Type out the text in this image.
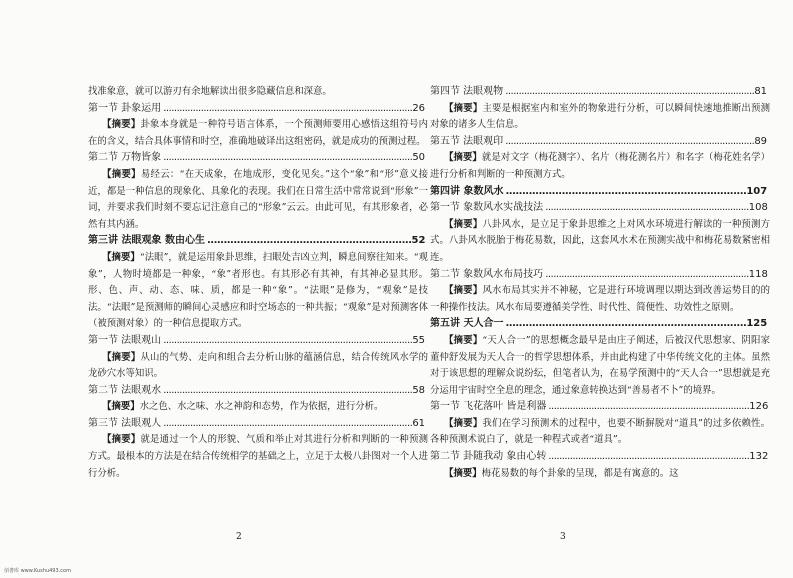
找准象意，就可以游刃有余地解读出很多隐藏信息和深意。

第一节 卦象运用 .............................................................................................26

【摘要】卦象本身就是一种符号语言体系，一个预测师要用心感悟这组符号内在的含义，结合具体事情和时空，准确地破译出这组密码，就是成功的预测过程。

第二节 万物皆象 .............................................................................................50

【摘要】易经云：“在天成象，在地成形，变化见矣。”这个“象”和“形”意义接近，都是一种信息的现象化、具象化的表现。我们在日常生活中常常说到“形象”一词，并要求我们时刻不要忘记注意自己的“形象”云云。由此可见，有其形象者，必然有其内涵。

第三讲 法眼观象 数由心生 ..............................................................52

【摘要】“法眼”，就是运用象卦思维，扫眼处吉凶立判，瞬息间察往知来。“观象”，人物时境都是一种象，“象”者形也。有其形必有其神，有其神必显其形。形、色、声、动、态、味、质，都是一种“象”。“法眼”是修为，“观象”是技法。“法眼”是预测师的瞬间心灵感应和时空场态的一种共振；“观象”是对预测客体（被预测对象）的一种信息提取方式。

第一节 法眼观山 .............................................................................................55

【摘要】从山的气势、走向和组合去分析山脉的蕴涵信息，结合传统风水学的龙砂穴水等知识。

第二节 法眼观水 .............................................................................................58

【摘要】水之色、水之味、水之神韵和态势，作为依据，进行分析。

第三节 法眼观人 .............................................................................................61

【摘要】就是通过一个人的形貌、气质和举止对其进行分析和判断的一种预测方式。最根本的方法是在结合传统相学的基础之上，立足于太极八卦图对一个人进行分析。

第四节 法眼观物 .............................................................................................81

【摘要】主要是根据室内和室外的物象进行分析，可以瞬间快速地推断出预测对象的诸多人生信息。

第五节 法眼观印 .............................................................................................89

【摘要】就是对文字（梅花测字）、名片（梅花测名片）和名字（梅花姓名学）进行分析和判断的一种预测方式。

第四讲 象数风水 .........................................................................107
第一节 象数风水实战技法 ............................................................................108

【摘要】八卦风水，是立足于象卦思维之上对风水环境进行解读的一种预测方式。八卦风水脱胎于梅花易数，因此，这套风水术在预测实战中和梅花易数紧密相连。

第二节 象数风水布局技巧 ............................................................................118

【摘要】风水布局其实并不神秘，它是进行环境调理以期达到改善运势目的的一种操作技法。风水布局要遵循美学性、时代性、简便性、功效性之原则。

第五讲 天人合一 .........................................................................125

【摘要】“天人合一”的思想概念最早是由庄子阐述，后被汉代思想家、阴阳家董仲舒发展为天人合一的哲学思想体系，并由此构建了中华传统文化的主体。虽然对于该思想的理解众说纷纭，但笔者认为，在易学预测中的“天人合一”思想就是充分运用宇宙时空全息的理念，通过象意转换达到“善易者不卜”的境界。

第一节 飞花落叶 皆是利器 ...........................................................................126

【摘要】我们在学习预测术的过程中，也要不断摒脱对“道具”的过多依赖性。各种预测术说白了，就是一种程式或者“道具”。

第二节 卦随我动 象由心转 ...........................................................................132

【摘要】梅花易数的每个卦象的呈现，都是有寓意的。这

2	3
佰書库 www.Kushu493.com
